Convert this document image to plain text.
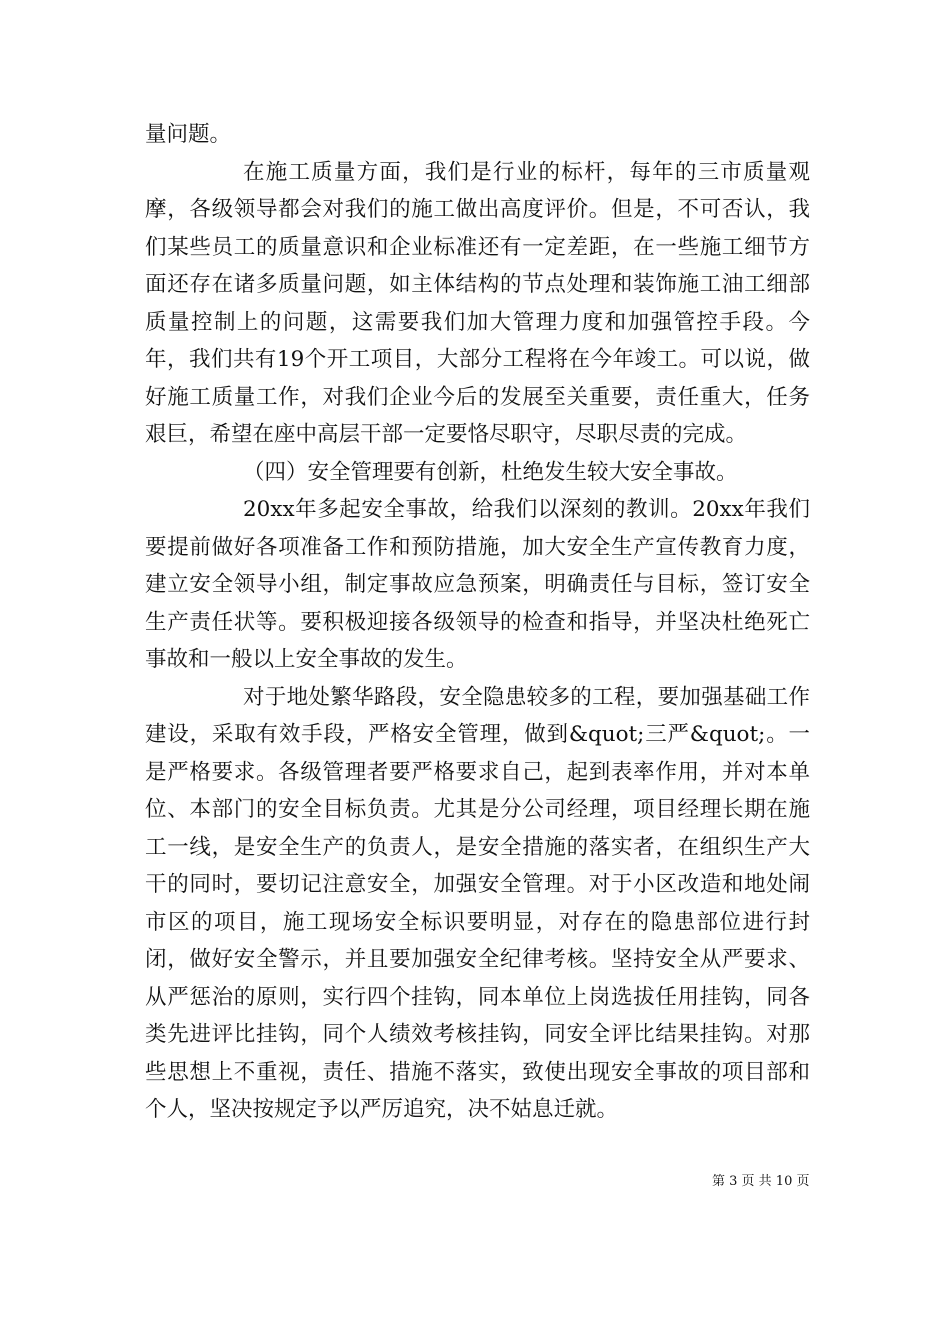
量问题。

在施工质量方面，我们是行业的标杆，每年的三市质量观摩，各级领导都会对我们的施工做出高度评价。但是，不可否认，我们某些员工的质量意识和企业标准还有一定差距，在一些施工细节方面还存在诸多质量问题，如主体结构的节点处理和装饰施工油工细部质量控制上的问题，这需要我们加大管理力度和加强管控手段。今年，我们共有19个开工项目，大部分工程将在今年竣工。可以说，做好施工质量工作，对我们企业今后的发展至关重要，责任重大，任务艰巨，希望在座中高层干部一定要恪尽职守，尽职尽责的完成。

（四）安全管理要有创新，杜绝发生较大安全事故。

20xx年多起安全事故，给我们以深刻的教训。20xx年我们要提前做好各项准备工作和预防措施，加大安全生产宣传教育力度，建立安全领导小组，制定事故应急预案，明确责任与目标，签订安全生产责任状等。要积极迎接各级领导的检查和指导，并坚决杜绝死亡事故和一般以上安全事故的发生。

对于地处繁华路段，安全隐患较多的工程，要加强基础工作建设，采取有效手段，严格安全管理，做到&quot;三严&quot;。一是严格要求。各级管理者要严格要求自己，起到表率作用，并对本单位、本部门的安全目标负责。尤其是分公司经理，项目经理长期在施工一线，是安全生产的负责人，是安全措施的落实者，在组织生产大干的同时，要切记注意安全，加强安全管理。对于小区改造和地处闹市区的项目，施工现场安全标识要明显，对存在的隐患部位进行封闭，做好安全警示，并且要加强安全纪律考核。坚持安全从严要求、从严惩治的原则，实行四个挂钩，同本单位上岗选拔任用挂钩，同各类先进评比挂钩，同个人绩效考核挂钩，同安全评比结果挂钩。对那些思想上不重视，责任、措施不落实，致使出现安全事故的项目部和个人，坚决按规定予以严厉追究，决不姑息迁就。

第 3 页 共 10 页
